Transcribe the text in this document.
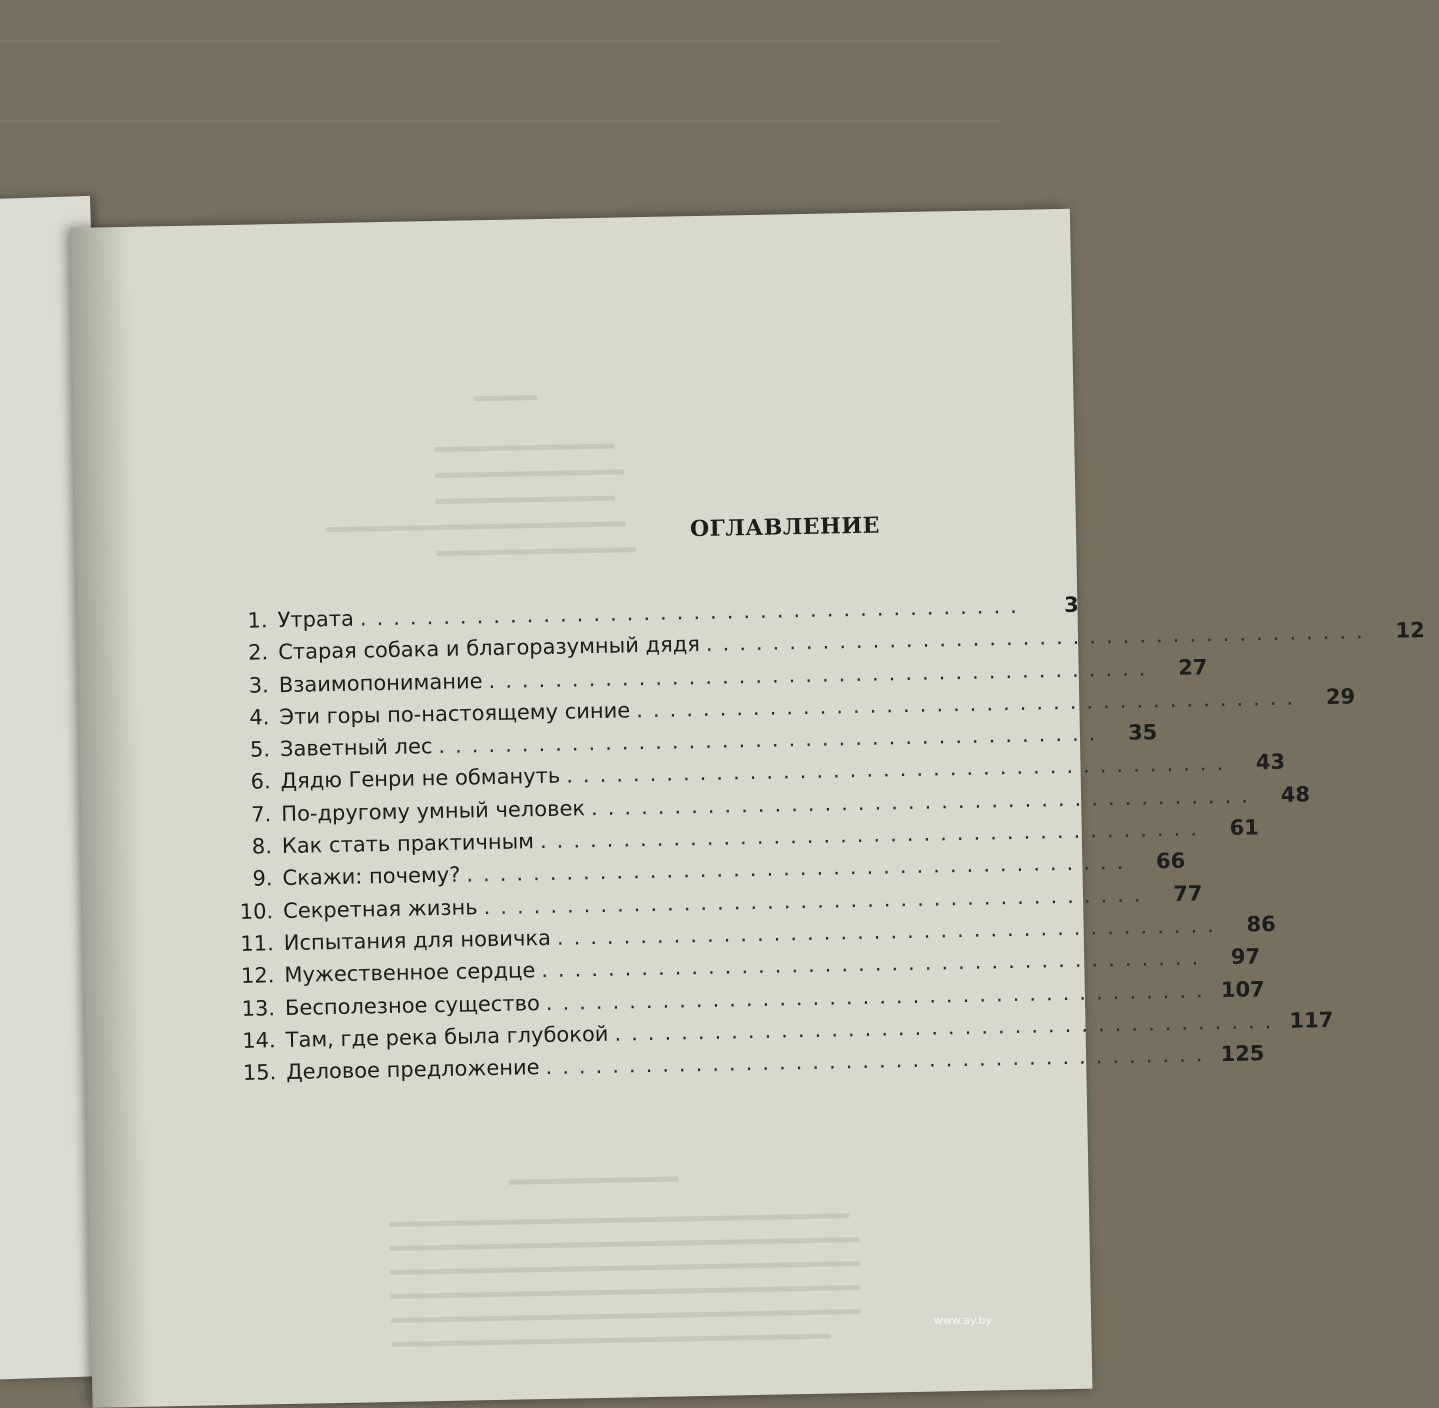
ОГЛАВЛЕНИЕ
1. Утрата ........................................	3
2. Старая собака и благоразумный дядя ........................................	12
3. Взаимопонимание ........................................	27
4. Эти горы по-настоящему синие ........................................	29
5. Заветный лес ........................................	35
6. Дядю Генри не обмануть ........................................	43
7. По-другому умный человек ........................................	48
8. Как стать практичным ........................................	61
9. Скажи: почему? ........................................	66
10. Секретная жизнь ........................................	77
11. Испытания для новичка ........................................	86
12. Мужественное сердце ........................................	97
13. Бесполезное существо ........................................ 107
14. Там, где река была глубокой ........................................ 117
15. Деловое предложение ........................................ 125
www.ay.by
